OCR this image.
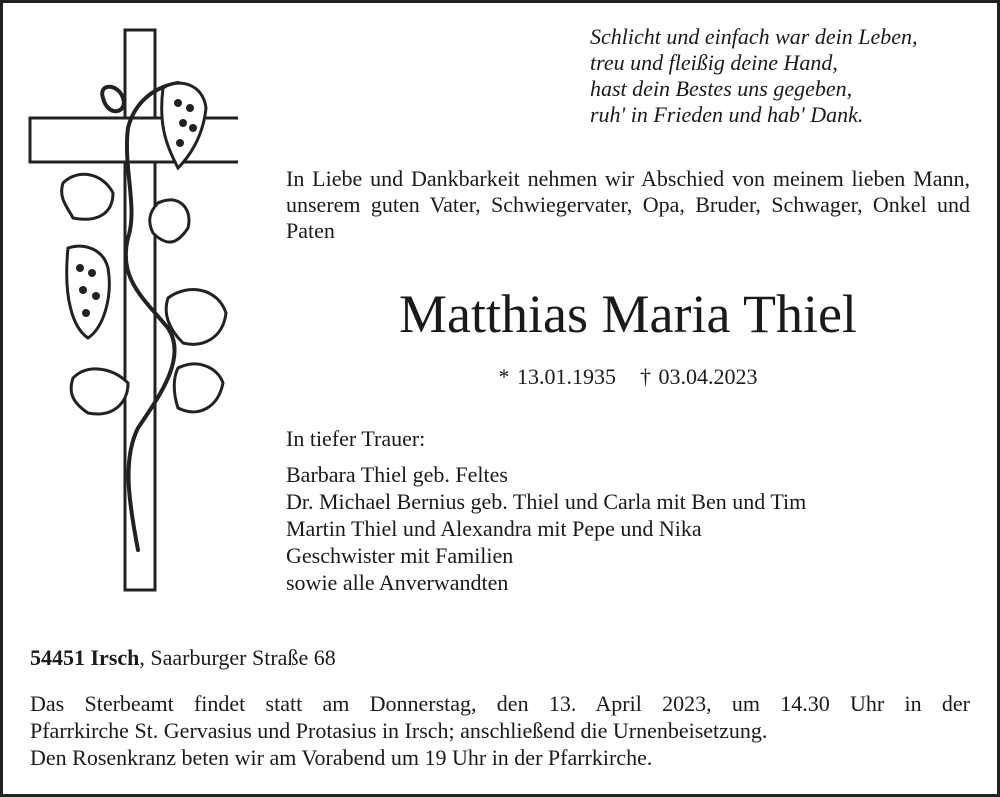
Schlicht und einfach war dein Leben,
treu und fleißig deine Hand,
hast dein Bestes uns gegeben,
ruh' in Frieden und hab' Dank.
In Liebe und Dankbarkeit nehmen wir Abschied von meinem lieben Mann, unserem guten Vater, Schwiegervater, Opa, Bruder, Schwager, Onkel und Paten
Matthias Maria Thiel
* 13.01.1935 † 03.04.2023
In tiefer Trauer:
Barbara Thiel geb. Feltes
Dr. Michael Bernius geb. Thiel und Carla mit Ben und Tim
Martin Thiel und Alexandra mit Pepe und Nika
Geschwister mit Familien
sowie alle Anverwandten
54451 Irsch, Saarburger Straße 68
Das Sterbeamt findet statt am Donnerstag, den 13. April 2023, um 14.30 Uhr in der
Pfarrkirche St. Gervasius und Protasius in Irsch; anschließend die Urnenbeisetzung.
Den Rosenkranz beten wir am Vorabend um 19 Uhr in der Pfarrkirche.
